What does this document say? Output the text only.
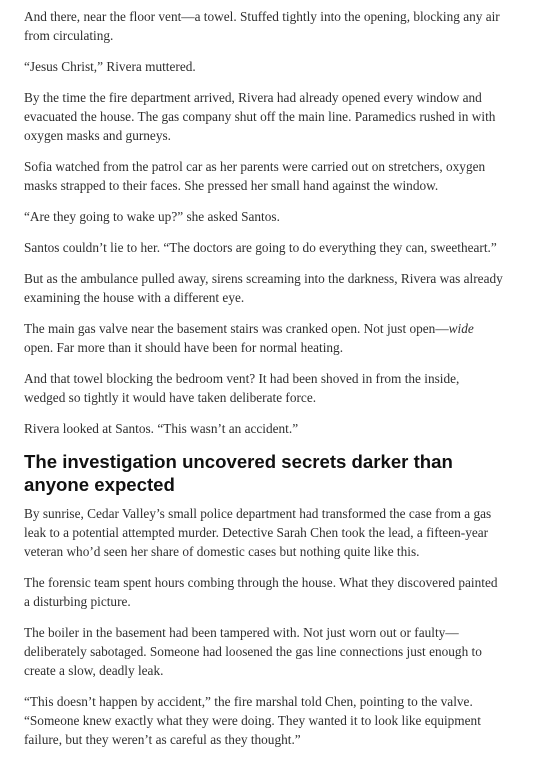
And there, near the floor vent—a towel. Stuffed tightly into the opening, blocking any air from circulating.

“Jesus Christ,” Rivera muttered.

By the time the fire department arrived, Rivera had already opened every window and evacuated the house. The gas company shut off the main line. Paramedics rushed in with oxygen masks and gurneys.

Sofia watched from the patrol car as her parents were carried out on stretchers, oxygen masks strapped to their faces. She pressed her small hand against the window.

“Are they going to wake up?” she asked Santos.

Santos couldn’t lie to her. “The doctors are going to do everything they can, sweetheart.”

But as the ambulance pulled away, sirens screaming into the darkness, Rivera was already examining the house with a different eye.

The main gas valve near the basement stairs was cranked open. Not just open—wide open. Far more than it should have been for normal heating.

And that towel blocking the bedroom vent? It had been shoved in from the inside, wedged so tightly it would have taken deliberate force.

Rivera looked at Santos. “This wasn’t an accident.”

The investigation uncovered secrets darker than anyone expected

By sunrise, Cedar Valley’s small police department had transformed the case from a gas leak to a potential attempted murder. Detective Sarah Chen took the lead, a fifteen-year veteran who’d seen her share of domestic cases but nothing quite like this.

The forensic team spent hours combing through the house. What they discovered painted a disturbing picture.

The boiler in the basement had been tampered with. Not just worn out or faulty—deliberately sabotaged. Someone had loosened the gas line connections just enough to create a slow, deadly leak.

“This doesn’t happen by accident,” the fire marshal told Chen, pointing to the valve. “Someone knew exactly what they were doing. They wanted it to look like equipment failure, but they weren’t as careful as they thought.”
